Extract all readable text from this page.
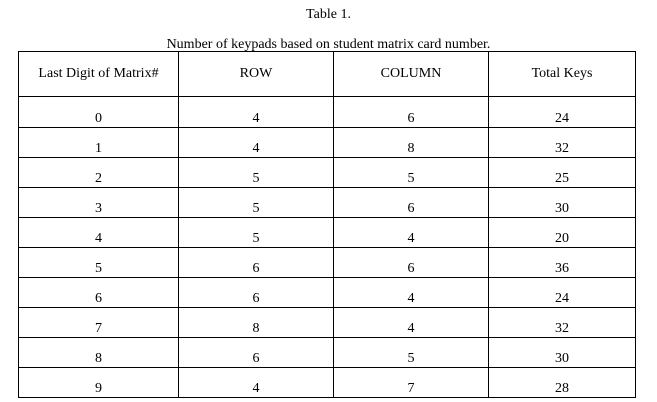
Table 1.
Number of keypads based on student matrix card number.
Last Digit of Matrix#	ROW	COLUMN	Total Keys
0	4	6	24
1	4	8	32
2	5	5	25
3	5	6	30
4	5	4	20
5	6	6	36
6	6	4	24
7	8	4	32
8	6	5	30
9	4	7	28
